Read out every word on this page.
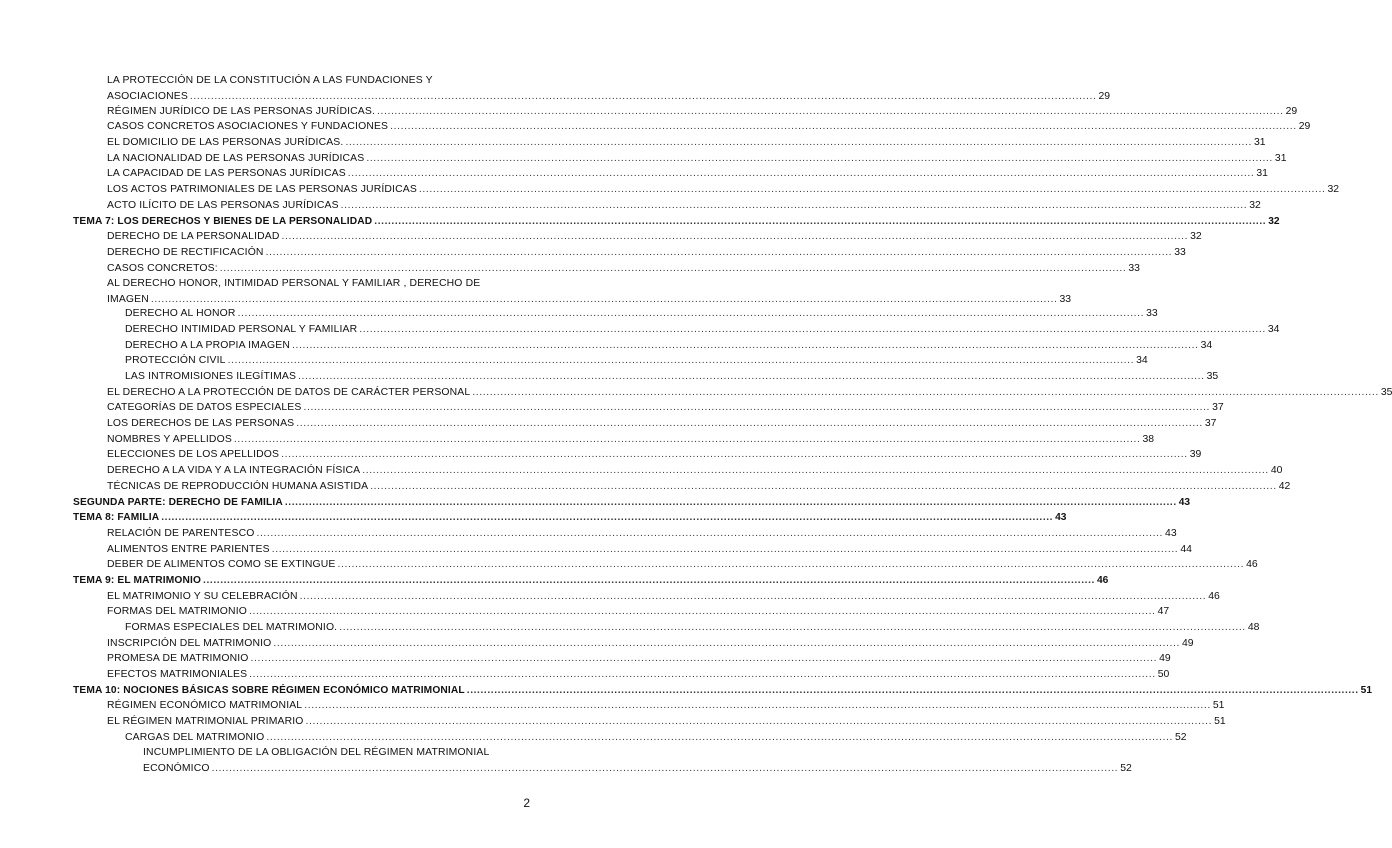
LA PROTECCIÓN DE LA CONSTITUCIÓN A LAS FUNDACIONES Y
ASOCIACIONES .................................................................................................................................................................................................................................................................... 29
RÉGIMEN JURÍDICO DE LAS PERSONAS JURÍDICAS. .................................................................................................................................................................................................................................................................... 29
CASOS CONCRETOS ASOCIACIONES Y FUNDACIONES .................................................................................................................................................................................................................................................................... 29
EL DOMICILIO DE LAS PERSONAS JURÍDICAS. .................................................................................................................................................................................................................................................................... 31
LA NACIONALIDAD DE LAS PERSONAS JURÍDICAS .................................................................................................................................................................................................................................................................... 31
LA CAPACIDAD DE LAS PERSONAS JURÍDICAS .................................................................................................................................................................................................................................................................... 31
LOS ACTOS PATRIMONIALES DE LAS PERSONAS JURÍDICAS .................................................................................................................................................................................................................................................................... 32
ACTO ILÍCITO DE LAS PERSONAS JURÍDICAS .................................................................................................................................................................................................................................................................... 32
TEMA 7: LOS DERECHOS Y BIENES DE LA PERSONALIDAD .................................................................................................................................................................................................................................................................... 32
DERECHO DE LA PERSONALIDAD .................................................................................................................................................................................................................................................................... 32
DERECHO DE RECTIFICACIÓN .................................................................................................................................................................................................................................................................... 33
CASOS CONCRETOS: .................................................................................................................................................................................................................................................................... 33
AL DERECHO HONOR, INTIMIDAD PERSONAL Y FAMILIAR , DERECHO DE
IMAGEN .................................................................................................................................................................................................................................................................... 33
DERECHO AL HONOR .................................................................................................................................................................................................................................................................... 33
DERECHO INTIMIDAD PERSONAL Y FAMILIAR .................................................................................................................................................................................................................................................................... 34
DERECHO A LA PROPIA IMAGEN .................................................................................................................................................................................................................................................................... 34
PROTECCIÓN CIVIL .................................................................................................................................................................................................................................................................... 34
LAS INTROMISIONES ILEGÍTIMAS .................................................................................................................................................................................................................................................................... 35
EL DERECHO A LA PROTECCIÓN DE DATOS DE CARÁCTER PERSONAL .................................................................................................................................................................................................................................................................... 35
CATEGORÍAS DE DATOS ESPECIALES .................................................................................................................................................................................................................................................................... 37
LOS DERECHOS DE LAS PERSONAS .................................................................................................................................................................................................................................................................... 37
NOMBRES Y APELLIDOS .................................................................................................................................................................................................................................................................... 38
ELECCIONES DE LOS APELLIDOS .................................................................................................................................................................................................................................................................... 39
DERECHO A LA VIDA Y A LA INTEGRACIÓN FÍSICA .................................................................................................................................................................................................................................................................... 40
TÉCNICAS DE REPRODUCCIÓN HUMANA ASISTIDA .................................................................................................................................................................................................................................................................... 42
SEGUNDA PARTE: DERECHO DE FAMILIA .................................................................................................................................................................................................................................................................... 43
TEMA 8: FAMILIA .................................................................................................................................................................................................................................................................... 43
RELACIÓN DE PARENTESCO .................................................................................................................................................................................................................................................................... 43
ALIMENTOS ENTRE PARIENTES .................................................................................................................................................................................................................................................................... 44
DEBER DE ALIMENTOS COMO SE EXTINGUE .................................................................................................................................................................................................................................................................... 46
TEMA 9: EL MATRIMONIO .................................................................................................................................................................................................................................................................... 46
EL MATRIMONIO Y SU CELEBRACIÓN .................................................................................................................................................................................................................................................................... 46
FORMAS DEL MATRIMONIO .................................................................................................................................................................................................................................................................... 47
FORMAS ESPECIALES DEL MATRIMONIO. .................................................................................................................................................................................................................................................................... 48
INSCRIPCIÓN DEL MATRIMONIO .................................................................................................................................................................................................................................................................... 49
PROMESA DE MATRIMONIO .................................................................................................................................................................................................................................................................... 49
EFECTOS MATRIMONIALES .................................................................................................................................................................................................................................................................... 50
TEMA 10: NOCIONES BÁSICAS SOBRE RÉGIMEN ECONÓMICO MATRIMONIAL .................................................................................................................................................................................................................................................................... 51
RÉGIMEN ECONÓMICO MATRIMONIAL .................................................................................................................................................................................................................................................................... 51
EL RÉGIMEN MATRIMONIAL PRIMARIO .................................................................................................................................................................................................................................................................... 51
CARGAS DEL MATRIMONIO .................................................................................................................................................................................................................................................................... 52
INCUMPLIMIENTO DE LA OBLIGACIÓN DEL RÉGIMEN MATRIMONIAL
ECONÓMICO .................................................................................................................................................................................................................................................................... 52
2
